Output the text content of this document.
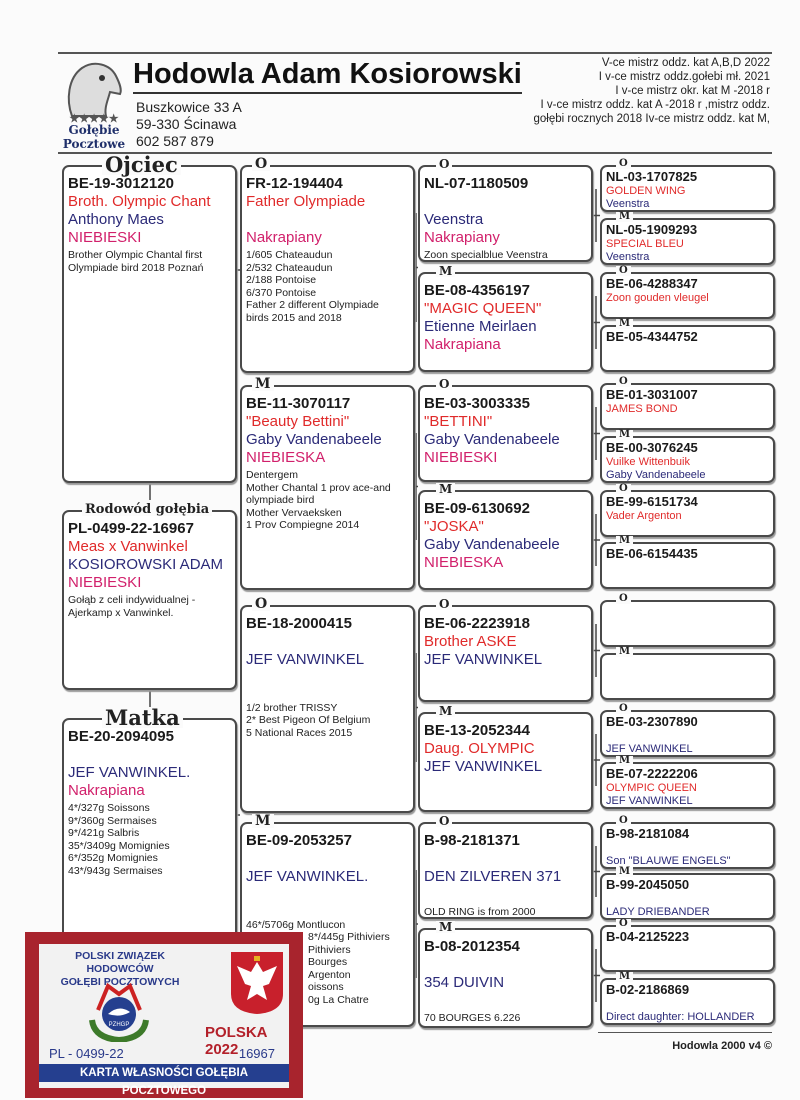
★★★★★
Gołębie
Pocztowe
Hodowla Adam Kosiorowski
Buszkowice 33 A
59-330 Ścinawa
602 587 879
V-ce mistrz oddz. kat A,B,D 2022
I v-ce mistrz oddz.gołebi mł. 2021
I v-ce mistrz okr. kat M -2018 r
I v-ce mistrz oddz. kat A -2018 r ,mistrz oddz.
gołębi rocznych 2018 Iv-ce mistrz oddz. kat M,
BE-19-3012120
Broth. Olympic Chant
Anthony Maes
NIEBIESKI
Brother Olympic Chantal first
Olympiade bird 2018 Poznań
Ojciec
PL-0499-22-16967
Meas x Vanwinkel
KOSIOROWSKI ADAM
NIEBIESKI
Gołąb z celi indywidualnej -
Ajerkamp x Vanwinkel.
Rodowód gołębia
BE-20-2094095

JEF VANWINKEL.
Nakrapiana
4*/327g Soissons
9*/360g Sermaises
9*/421g Salbris
35*/3409g Momignies
6*/352g Momignies
43*/943g Sermaises
Matka
FR-12-194404
Father Olympiade

Nakrapiany
1/605 Chateaudun
2/532 Chateaudun
2/188 Pontoise
6/370 Pontoise
Father 2 different Olympiade
birds 2015 and 2018
O
BE-11-3070117
"Beauty Bettini"
Gaby Vandenabeele
NIEBIESKA
Dentergem
Mother Chantal 1 prov ace-and
olympiade bird
Mother Vervaeksken
1 Prov Compiegne 2014
M
BE-18-2000415

JEF VANWINKEL

1/2 brother TRISSY
2* Best Pigeon Of Belgium
5 National Races 2015
O
BE-09-2053257

JEF VANWINKEL.

46*/5706g Montlucon
8*/445g Pithiviers
Pithiviers
Bourges
Argenton
oissons
0g La Chatre
M
NL-07-1180509

Veenstra
Nakrapiany
Zoon specialblue Veenstra
O
BE-08-4356197
"MAGIC QUEEN"
Etienne Meirlaen
Nakrapiana
M
BE-03-3003335
"BETTINI"
Gaby Vandenabeele
NIEBIESKI
O
BE-09-6130692
"JOSKA"
Gaby Vandenabeele
NIEBIESKA
M
BE-06-2223918
Brother ASKE
JEF VANWINKEL
O
BE-13-2052344
Daug. OLYMPIC
JEF VANWINKEL
M
B-98-2181371

DEN ZILVEREN 371

OLD RING is from 2000
O
B-08-2012354

354 DUIVIN

70 BOURGES 6.226
M
NL-03-1707825
GOLDEN WING
Veenstra
O
NL-05-1909293
SPECIAL BLEU
Veenstra
M
BE-06-4288347
Zoon gouden vleugel

O
BE-05-4344752

M
BE-01-3031007
JAMES BOND

O
BE-00-3076245
Vuilke Wittenbuik
Gaby Vandenabeele
M
BE-99-6151734
Vader Argenton

O
BE-06-6154435

M

O

M
BE-03-2307890

JEF VANWINKEL
O
BE-07-2222206
OLYMPIC QUEEN
JEF VANWINKEL
M
B-98-2181084

Son "BLAUWE ENGELS"
O
B-99-2045050

LADY DRIEBANDER
M
B-04-2125223

O
B-02-2186869

Direct daughter: HOLLANDER
M
Hodowla 2000 v4 ©
POLSKI ZWIĄZEK HODOWCÓW
GOŁĘBI POCZTOWYCH
PZHGP	POLSKA 2022
PL - 0499-22	16967
KARTA WŁASNOŚCI GOŁĘBIA POCZTOWEGO
